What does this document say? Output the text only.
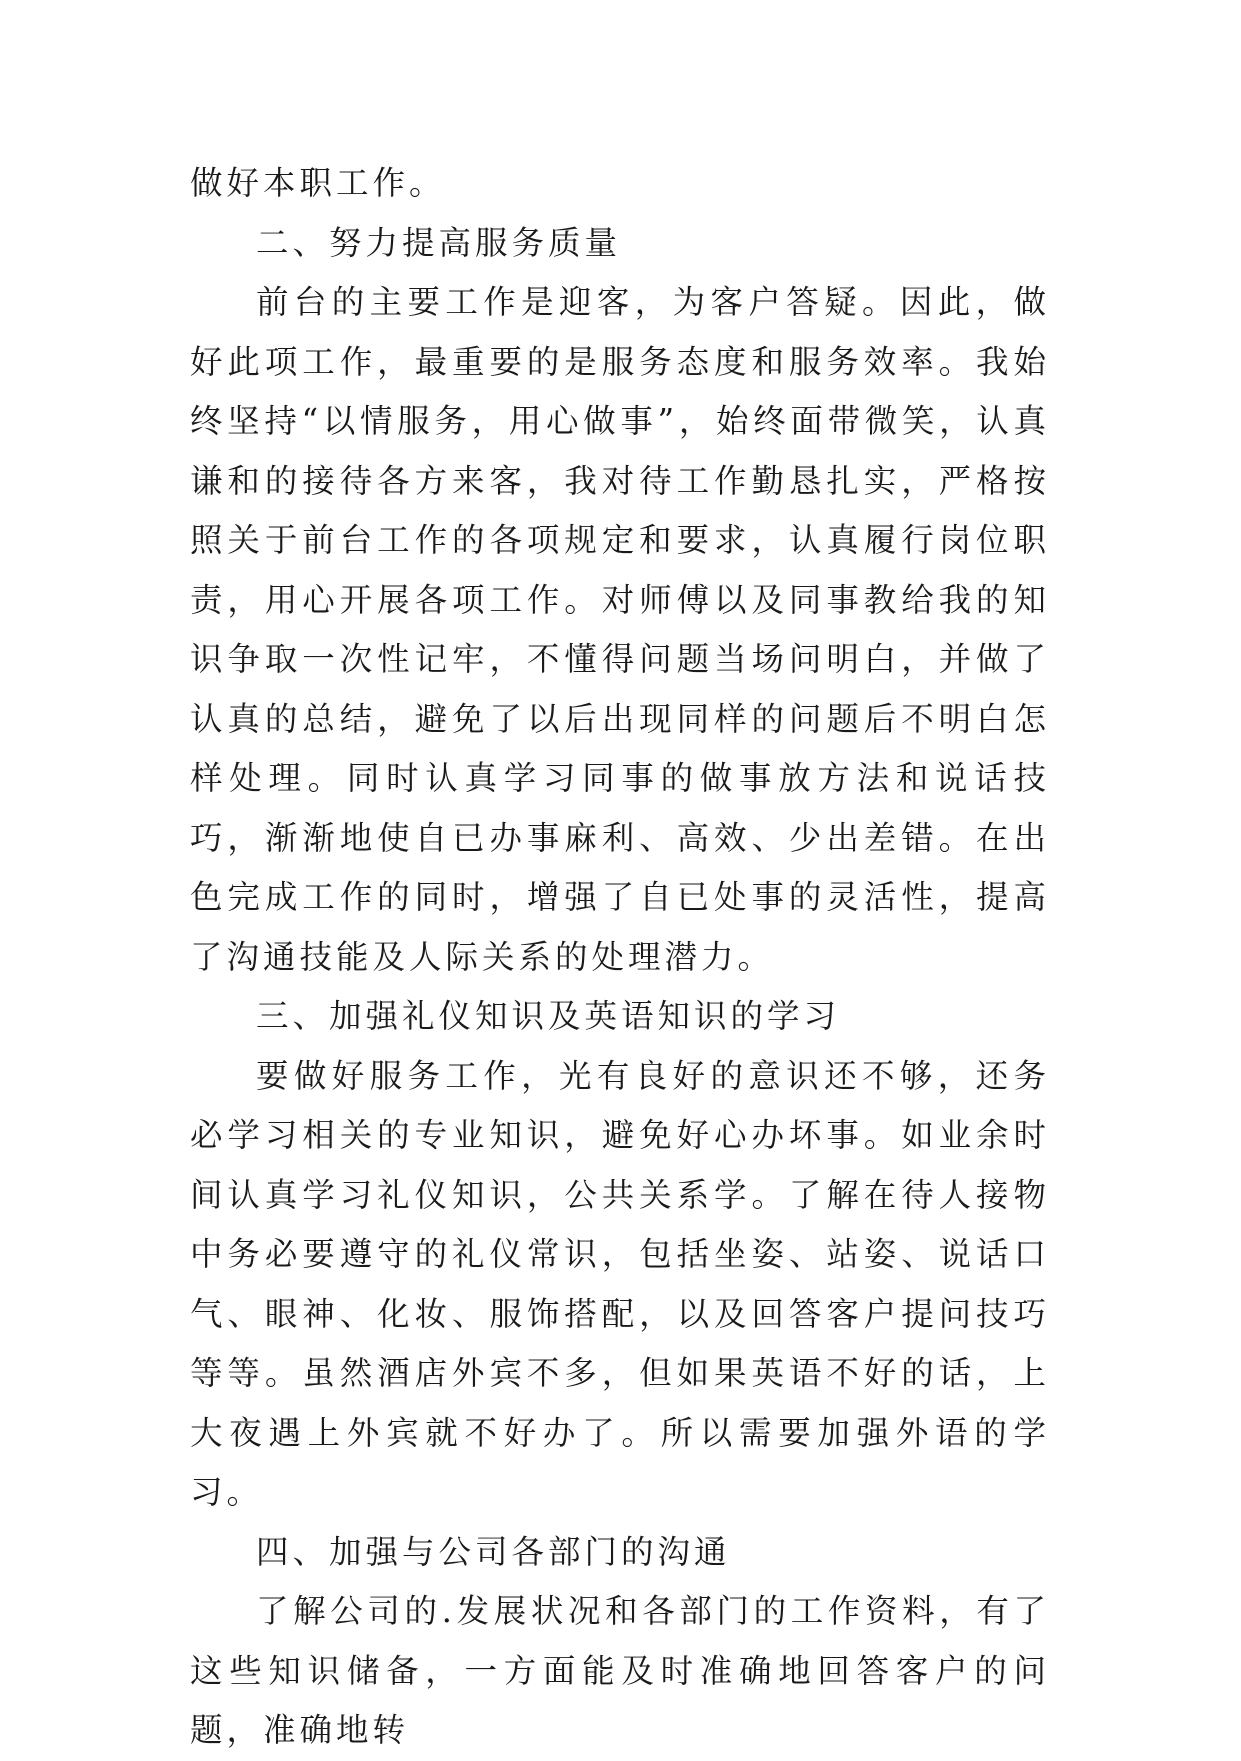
做好本职工作。

二、努力提高服务质量

前台的主要工作是迎客，为客户答疑。因此，做好此项工作，最重要的是服务态度和服务效率。我始终坚持“以情服务，用心做事”，始终面带微笑，认真谦和的接待各方来客，我对待工作勤恳扎实，严格按照关于前台工作的各项规定和要求，认真履行岗位职责，用心开展各项工作。对师傅以及同事教给我的知识争取一次性记牢，不懂得问题当场问明白，并做了认真的总结，避免了以后出现同样的问题后不明白怎样处理。同时认真学习同事的做事放方法和说话技巧，渐渐地使自已办事麻利、高效、少出差错。在出色完成工作的同时，增强了自已处事的灵活性，提高了沟通技能及人际关系的处理潜力。

三、加强礼仪知识及英语知识的学习

要做好服务工作，光有良好的意识还不够，还务必学习相关的专业知识，避免好心办坏事。如业余时间认真学习礼仪知识，公共关系学。了解在待人接物中务必要遵守的礼仪常识，包括坐姿、站姿、说话口气、眼神、化妆、服饰搭配，以及回答客户提问技巧等等。虽然酒店外宾不多，但如果英语不好的话，上大夜遇上外宾就不好办了。所以需要加强外语的学习。

四、加强与公司各部门的沟通

了解公司的.发展状况和各部门的工作资料，有了这些知识储备，一方面能及时准确地回答客户的问题，准确地转
